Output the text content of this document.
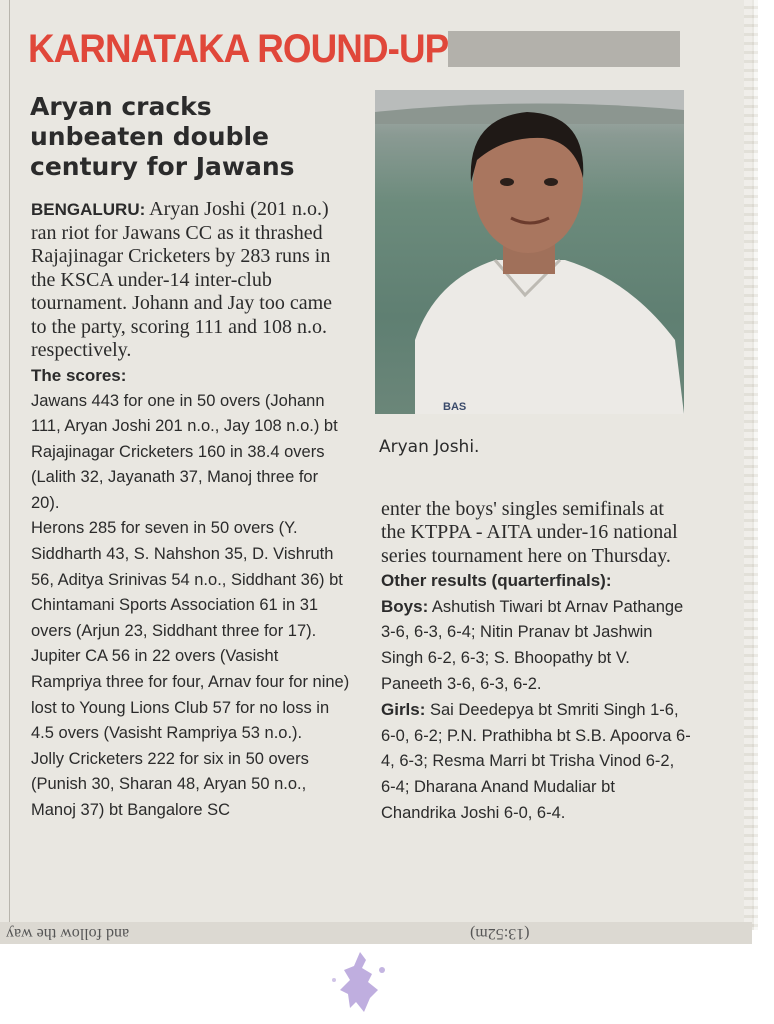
KARNATAKA ROUND-UP
Aryan cracks unbeaten double century for Jawans

BENGALURU: Aryan Joshi (201 n.o.) ran riot for Jawans CC as it thrashed Rajajinagar Cricketers by 283 runs in the KSCA under-14 inter-club tournament. Johann and Jay too came to the party, scoring 111 and 108 n.o. respectively.

The scores:

Jawans 443 for one in 50 overs (Johann 111, Aryan Joshi 201 n.o., Jay 108 n.o.) bt Rajajinagar Cricketers 160 in 38.4 overs (Lalith 32, Jayanath 37, Manoj three for 20).

Herons 285 for seven in 50 overs (Y. Siddharth 43, S. Nahshon 35, D. Vishruth 56, Aditya Srinivas 54 n.o., Siddhant 36) bt Chintamani Sports Association 61 in 31 overs (Arjun 23, Siddhant three for 17).

Jupiter CA 56 in 22 overs (Vasisht Rampriya three for four, Arnav four for nine) lost to Young Lions Club 57 for no loss in 4.5 overs (Vasisht Rampriya 53 n.o.).

Jolly Cricketers 222 for six in 50 overs (Punish 30, Sharan 48, Aryan 50 n.o., Manoj 37) bt Bangalore SC

BAS

Aryan Joshi.

enter the boys' singles semifinals at the KTPPA - AITA under-16 national series tournament here on Thursday.

Other results (quarterfinals):

Boys: Ashutish Tiwari bt Arnav Pathange 3-6, 6-3, 6-4; Nitin Pranav bt Jashwin Singh 6-2, 6-3; S. Bhoopathy bt V. Paneeth 3-6, 6-3, 6-2.

Girls: Sai Deedepya bt Smriti Singh 1-6, 6-0, 6-2; P.N. Prathibha bt S.B. Apoorva 6-4, 6-3; Resma Marri bt Trisha Vinod 6-2, 6-4; Dharana Anand Mudaliar bt Chandrika Joshi 6-0, 6-4.

and follow the way	(13:52m)
